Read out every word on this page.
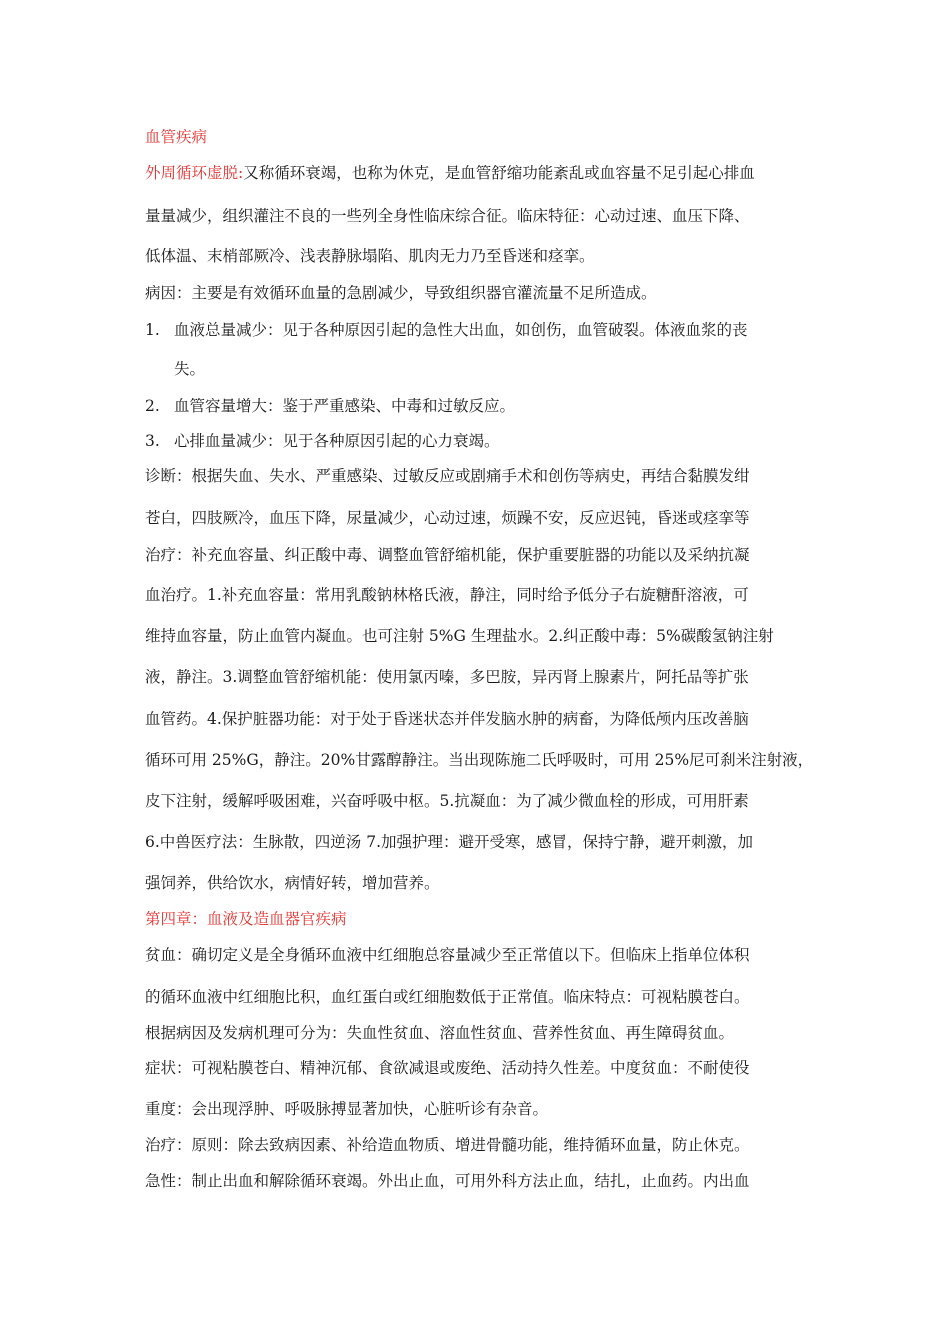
血管疾病
外周循环虚脱:又称循环衰竭，也称为休克，是血管舒缩功能紊乱或血容量不足引起心排血
量量减少，组织灌注不良的一些列全身性临床综合征。临床特征：心动过速、血压下降、
低体温、末梢部厥冷、浅表静脉塌陷、肌肉无力乃至昏迷和痉挛。
病因：主要是有效循环血量的急剧减少，导致组织器官灌流量不足所造成。
1. 血液总量减少：见于各种原因引起的急性大出血，如创伤，血管破裂。体液血浆的丧
失。
2. 血管容量增大：鉴于严重感染、中毒和过敏反应。
3. 心排血量减少：见于各种原因引起的心力衰竭。
诊断：根据失血、失水、严重感染、过敏反应或剧痛手术和创伤等病史，再结合黏膜发绀
苍白，四肢厥冷，血压下降，尿量减少，心动过速，烦躁不安，反应迟钝，昏迷或痉挛等
治疗：补充血容量、纠正酸中毒、调整血管舒缩机能，保护重要脏器的功能以及采纳抗凝
血治疗。1.补充血容量：常用乳酸钠林格氏液，静注，同时给予低分子右旋糖酐溶液，可
维持血容量，防止血管内凝血。也可注射 5%G 生理盐水。2.纠正酸中毒：5%碳酸氢钠注射
液，静注。3.调整血管舒缩机能：使用氯丙嗪，多巴胺，异丙肾上腺素片，阿托品等扩张
血管药。4.保护脏器功能：对于处于昏迷状态并伴发脑水肿的病畜，为降低颅内压改善脑
循环可用 25%G，静注。20%甘露醇静注。当出现陈施二氏呼吸时，可用 25%尼可刹米注射液，
皮下注射，缓解呼吸困难，兴奋呼吸中枢。5.抗凝血：为了减少微血栓的形成，可用肝素
6.中兽医疗法：生脉散，四逆汤 7.加强护理：避开受寒，感冒，保持宁静，避开刺激，加
强饲养，供给饮水，病情好转，增加营养。
第四章：血液及造血器官疾病
贫血：确切定义是全身循环血液中红细胞总容量减少至正常值以下。但临床上指单位体积
的循环血液中红细胞比积，血红蛋白或红细胞数低于正常值。临床特点：可视粘膜苍白。
根据病因及发病机理可分为：失血性贫血、溶血性贫血、营养性贫血、再生障碍贫血。
症状：可视粘膜苍白、精神沉郁、食欲减退或废绝、活动持久性差。中度贫血：不耐使役
重度：会出现浮肿、呼吸脉搏显著加快，心脏听诊有杂音。
治疗：原则：除去致病因素、补给造血物质、增进骨髓功能，维持循环血量，防止休克。
急性：制止出血和解除循环衰竭。外出止血，可用外科方法止血，结扎，止血药。内出血
